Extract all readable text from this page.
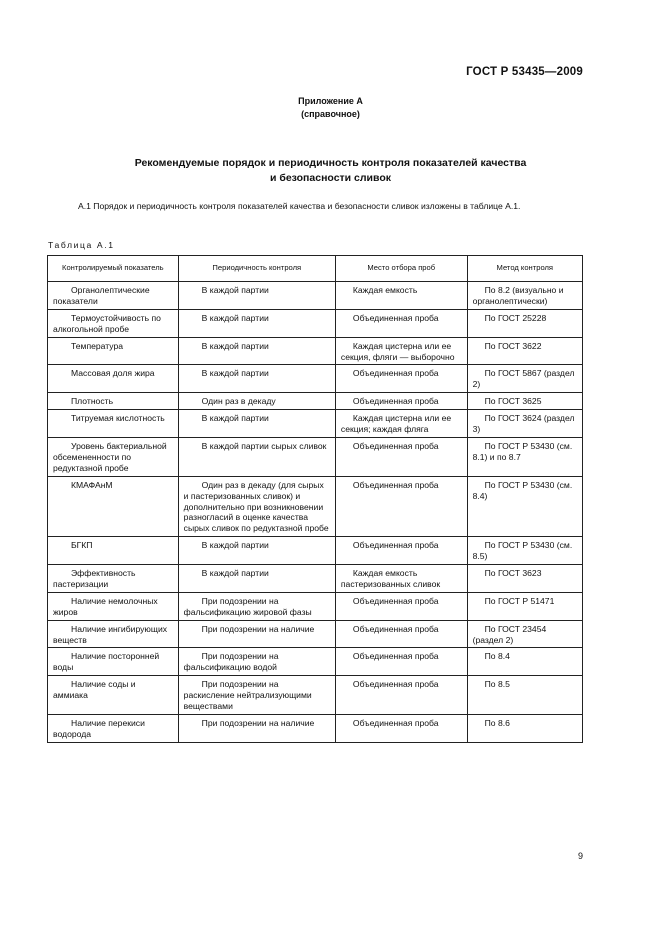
ГОСТ Р 53435—2009
Приложение А
(справочное)
Рекомендуемые порядок и периодичность контроля показателей качества
и безопасности сливок
А.1 Порядок и периодичность контроля показателей качества и безопасности сливок изложены в таблице А.1.
Таблица А.1
Контролируемый показатель	Периодичность контроля	Место отбора проб	Метод контроля
Органолептические показатели	В каждой партии	Каждая емкость	По 8.2 (визуально и органолептически)
Термоустойчивость по алкогольной пробе	В каждой партии	Объединенная проба	По ГОСТ 25228
Температура	В каждой партии	Каждая цистерна или ее секция, фляги — выборочно	По ГОСТ 3622
Массовая доля жира	В каждой партии	Объединенная проба	По ГОСТ 5867 (раздел 2)
Плотность	Один раз в декаду	Объединенная проба	По ГОСТ 3625
Титруемая кислотность	В каждой партии	Каждая цистерна или ее секция; каждая фляга	По ГОСТ 3624 (раздел 3)
Уровень бактериальной обсемененности по редуктазной пробе	В каждой партии сырых сливок	Объединенная проба	По ГОСТ Р 53430 (см. 8.1) и по 8.7
КМАФАнМ	Один раз в декаду (для сырых и пастеризованных сливок) и дополнительно при возникновении разногласий в оценке качества сырых сливок по редуктазной пробе	Объединенная проба	По ГОСТ Р 53430 (см. 8.4)
БГКП	В каждой партии	Объединенная проба	По ГОСТ Р 53430 (см. 8.5)
Эффективность пастеризации	В каждой партии	Каждая емкость пастеризованных сливок	По ГОСТ 3623
Наличие немолочных жиров	При подозрении на фальсификацию жировой фазы	Объединенная проба	По ГОСТ Р 51471
Наличие ингибирующих веществ	При подозрении на наличие	Объединенная проба	По ГОСТ 23454 (раздел 2)
Наличие посторонней воды	При подозрении на фальсификацию водой	Объединенная проба	По 8.4
Наличие соды и аммиака	При подозрении на раскисление нейтрализующими веществами	Объединенная проба	По 8.5
Наличие перекиси водорода	При подозрении на наличие	Объединенная проба	По 8.6
9
